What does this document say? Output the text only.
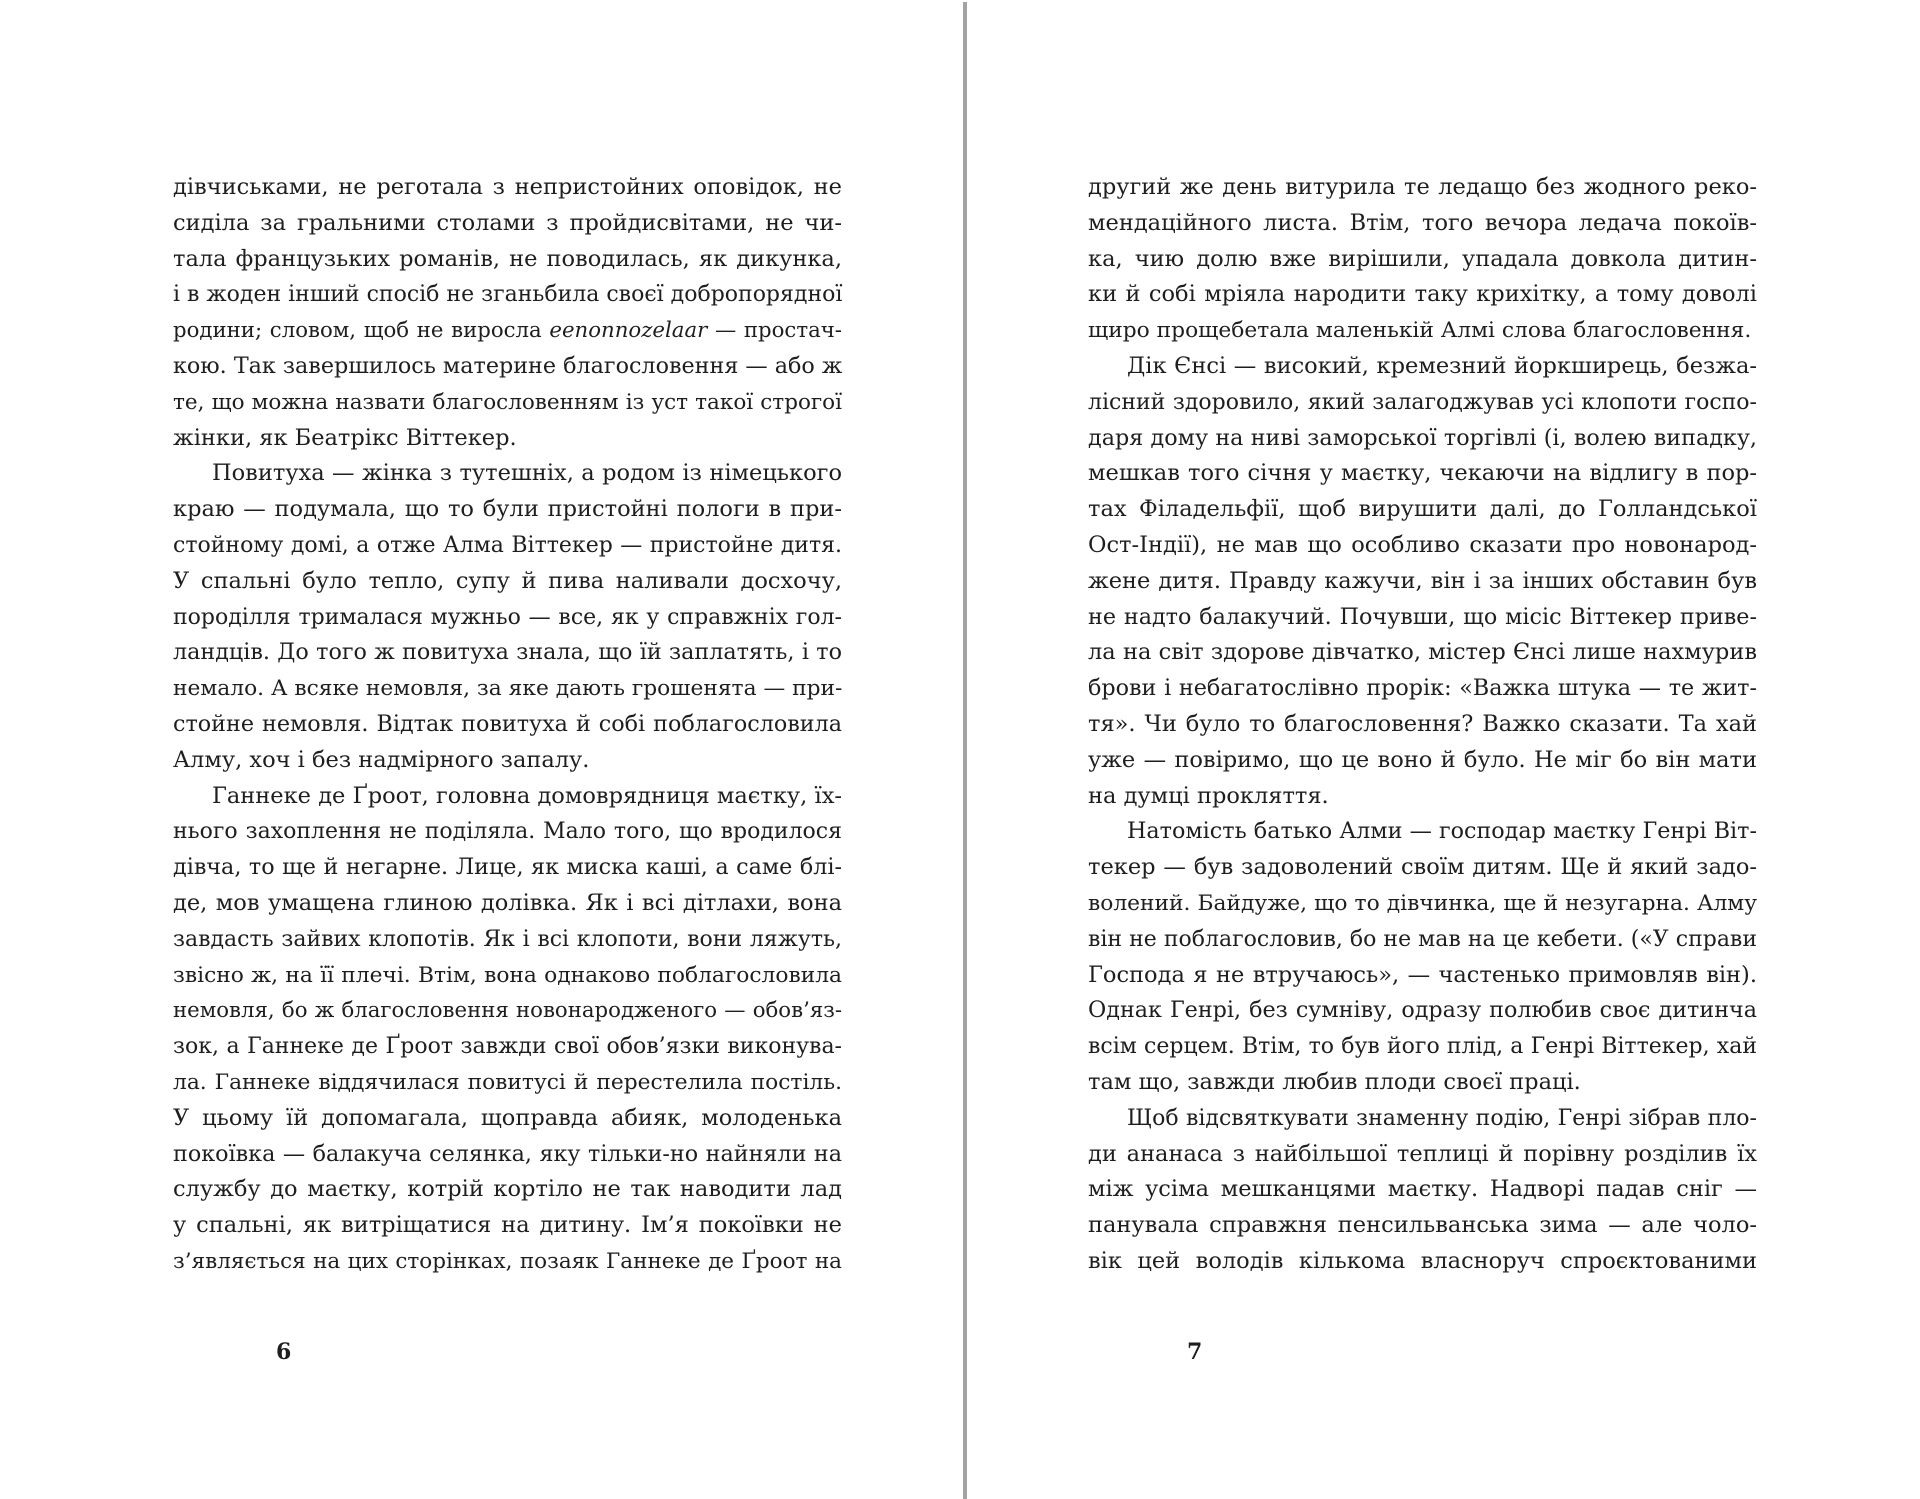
дівчиськами, не реготала з непристойних оповідок, не
сиділа за гральними столами з пройдисвітами, не чи-
тала французьких романів, не поводилась, як дикунка,
і в жоден інший спосіб не зганьбила своєї добропорядної
родини; словом, щоб не виросла eenonnozelaar — простач-
кою. Так завершилось материне благословення — або ж
те, що можна назвати благословенням із уст такої строгої
жінки, як Беатрікс Віттекер.
Повитуха — жінка з тутешніх, а родом із німецького
краю — подумала, що то були пристойні пологи в при-
стойному домі, а отже Алма Віттекер — пристойне дитя.
У спальні було тепло, супу й пива наливали досхочу,
породілля трималася мужньо — все, як у справжніх гол-
ландців. До того ж повитуха знала, що їй заплатять, і то
немало. А всяке немовля, за яке дають грошенята — при-
стойне немовля. Відтак повитуха й собі поблагословила
Алму, хоч і без надмірного запалу.
Ганнеке де Ґроот, головна домоврядниця маєтку, їх-
нього захоплення не поділяла. Мало того, що вродилося
дівча, то ще й негарне. Лице, як миска каші, а саме блі-
де, мов умащена глиною долівка. Як і всі дітлахи, вона
завдасть зайвих клопотів. Як і всі клопоти, вони ляжуть,
звісно ж, на її плечі. Втім, вона однаково поблагословила
немовля, бо ж благословення новонародженого — обов’яз-
зок, а Ганнеке де Ґроот завжди свої обов’язки виконува-
ла. Ганнеке віддячилася повитусі й перестелила постіль.
У цьому їй допомагала, щоправда абияк, молоденька
покоївка — балакуча селянка, яку тільки-но найняли на
службу до маєтку, котрій кортіло не так наводити лад
у спальні, як витріщатися на дитину. Ім’я покоївки не
з’являється на цих сторінках, позаяк Ганнеке де Ґроот на
другий же день витурила те ледащо без жодного реко-
мендаційного листа. Втім, того вечора ледача покоїв-
ка, чию долю вже вирішили, упадала довкола дитин-
ки й собі мріяла народити таку крихітку, а тому доволі
щиро прощебетала маленькій Алмі слова благословення.
Дік Єнсі — високий, кремезний йоркширець, безжа-
лісний здоровило, який залагоджував усі клопоти госпо-
даря дому на ниві заморської торгівлі (і, волею випадку,
мешкав того січня у маєтку, чекаючи на відлигу в пор-
тах Філадельфії, щоб вирушити далі, до Голландської
Ост-Індії), не мав що особливо сказати про новонарод-
жене дитя. Правду кажучи, він і за інших обставин був
не надто балакучий. Почувши, що місіс Віттекер приве-
ла на світ здорове дівчатко, містер Єнсі лише нахмурив
брови і небагатослівно прорік: «Важка штука — те жит-
тя». Чи було то благословення? Важко сказати. Та хай
уже — повіримо, що це воно й було. Не міг бо він мати
на думці прокляття.
Натомість батько Алми — господар маєтку Генрі Віт-
текер — був задоволений своїм дитям. Ще й який задо-
волений. Байдуже, що то дівчинка, ще й незугарна. Алму
він не поблагословив, бо не мав на це кебети. («У справи
Господа я не втручаюсь», — частенько примовляв він).
Однак Генрі, без сумніву, одразу полюбив своє дитинча
всім серцем. Втім, то був його плід, а Генрі Віттекер, хай
там що, завжди любив плоди своєї праці.
Щоб відсвяткувати знаменну подію, Генрі зібрав пло-
ди ананаса з найбільшої теплиці й порівну розділив їх
між усіма мешканцями маєтку. Надворі падав сніг —
панувала справжня пенсильванська зима — але чоло-
вік цей володів кількома власноруч спроєктованими
6	7
